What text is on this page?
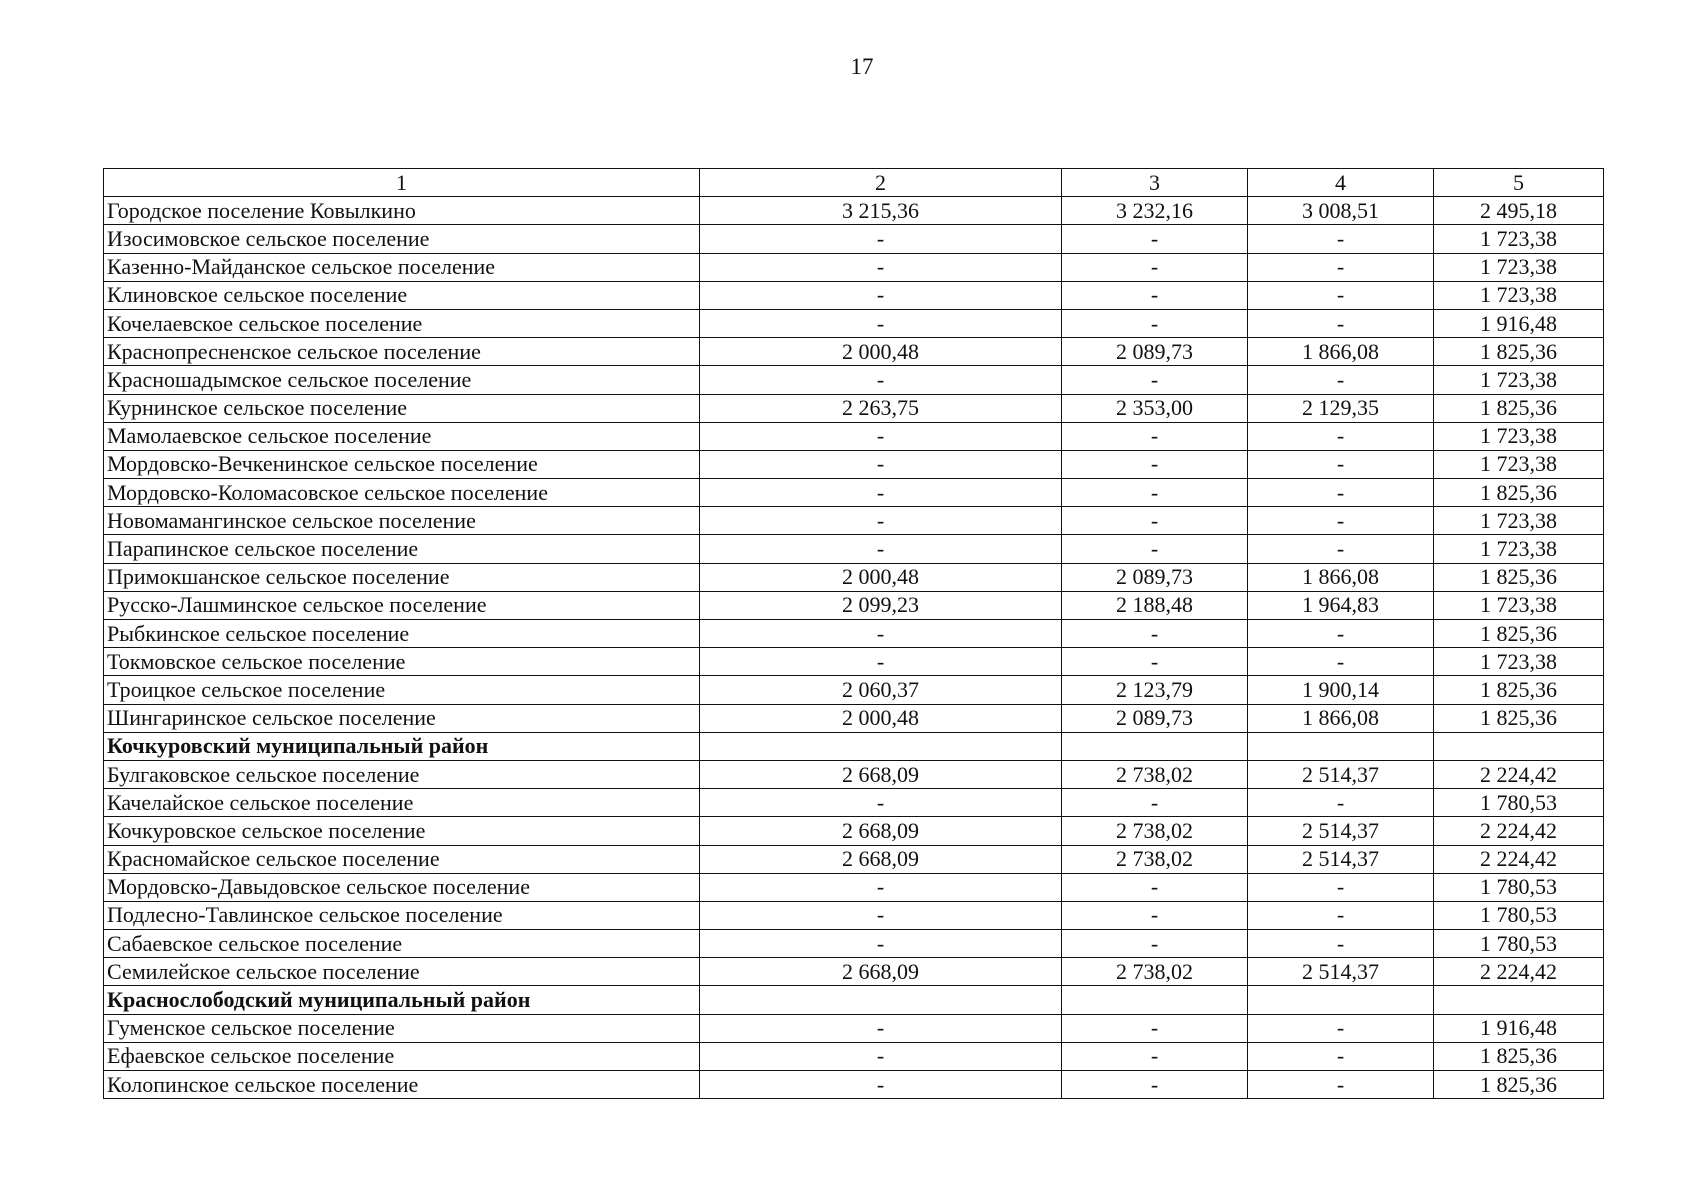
17
1	2	3	4	5
Городское поселение Ковылкино	3 215,36	3 232,16	3 008,51	2 495,18
Изосимовское сельское поселение	-	-	-	1 723,38
Казенно-Майданское сельское поселение	-	-	-	1 723,38
Клиновское сельское поселение	-	-	-	1 723,38
Кочелаевское сельское поселение	-	-	-	1 916,48
Краснопресненское сельское поселение	2 000,48	2 089,73	1 866,08	1 825,36
Красношадымское сельское поселение	-	-	-	1 723,38
Курнинское сельское поселение	2 263,75	2 353,00	2 129,35	1 825,36
Мамолаевское сельское поселение	-	-	-	1 723,38
Мордовско-Вечкенинское сельское поселение	-	-	-	1 723,38
Мордовско-Коломасовское сельское поселение	-	-	-	1 825,36
Новомамангинское сельское поселение	-	-	-	1 723,38
Парапинское сельское поселение	-	-	-	1 723,38
Примокшанское сельское поселение	2 000,48	2 089,73	1 866,08	1 825,36
Русско-Лашминское сельское поселение	2 099,23	2 188,48	1 964,83	1 723,38
Рыбкинское сельское поселение	-	-	-	1 825,36
Токмовское сельское поселение	-	-	-	1 723,38
Троицкое сельское поселение	2 060,37	2 123,79	1 900,14	1 825,36
Шингаринское сельское поселение	2 000,48	2 089,73	1 866,08	1 825,36
Кочкуровский муниципальный район				
Булгаковское сельское поселение	2 668,09	2 738,02	2 514,37	2 224,42
Качелайское сельское поселение	-	-	-	1 780,53
Кочкуровское сельское поселение	2 668,09	2 738,02	2 514,37	2 224,42
Красномайское сельское поселение	2 668,09	2 738,02	2 514,37	2 224,42
Мордовско-Давыдовское сельское поселение	-	-	-	1 780,53
Подлесно-Тавлинское сельское поселение	-	-	-	1 780,53
Сабаевское сельское поселение	-	-	-	1 780,53
Семилейское сельское поселение	2 668,09	2 738,02	2 514,37	2 224,42
Краснослободский муниципальный район				
Гуменское сельское поселение	-	-	-	1 916,48
Ефаевское сельское поселение	-	-	-	1 825,36
Колопинское сельское поселение	-	-	-	1 825,36
